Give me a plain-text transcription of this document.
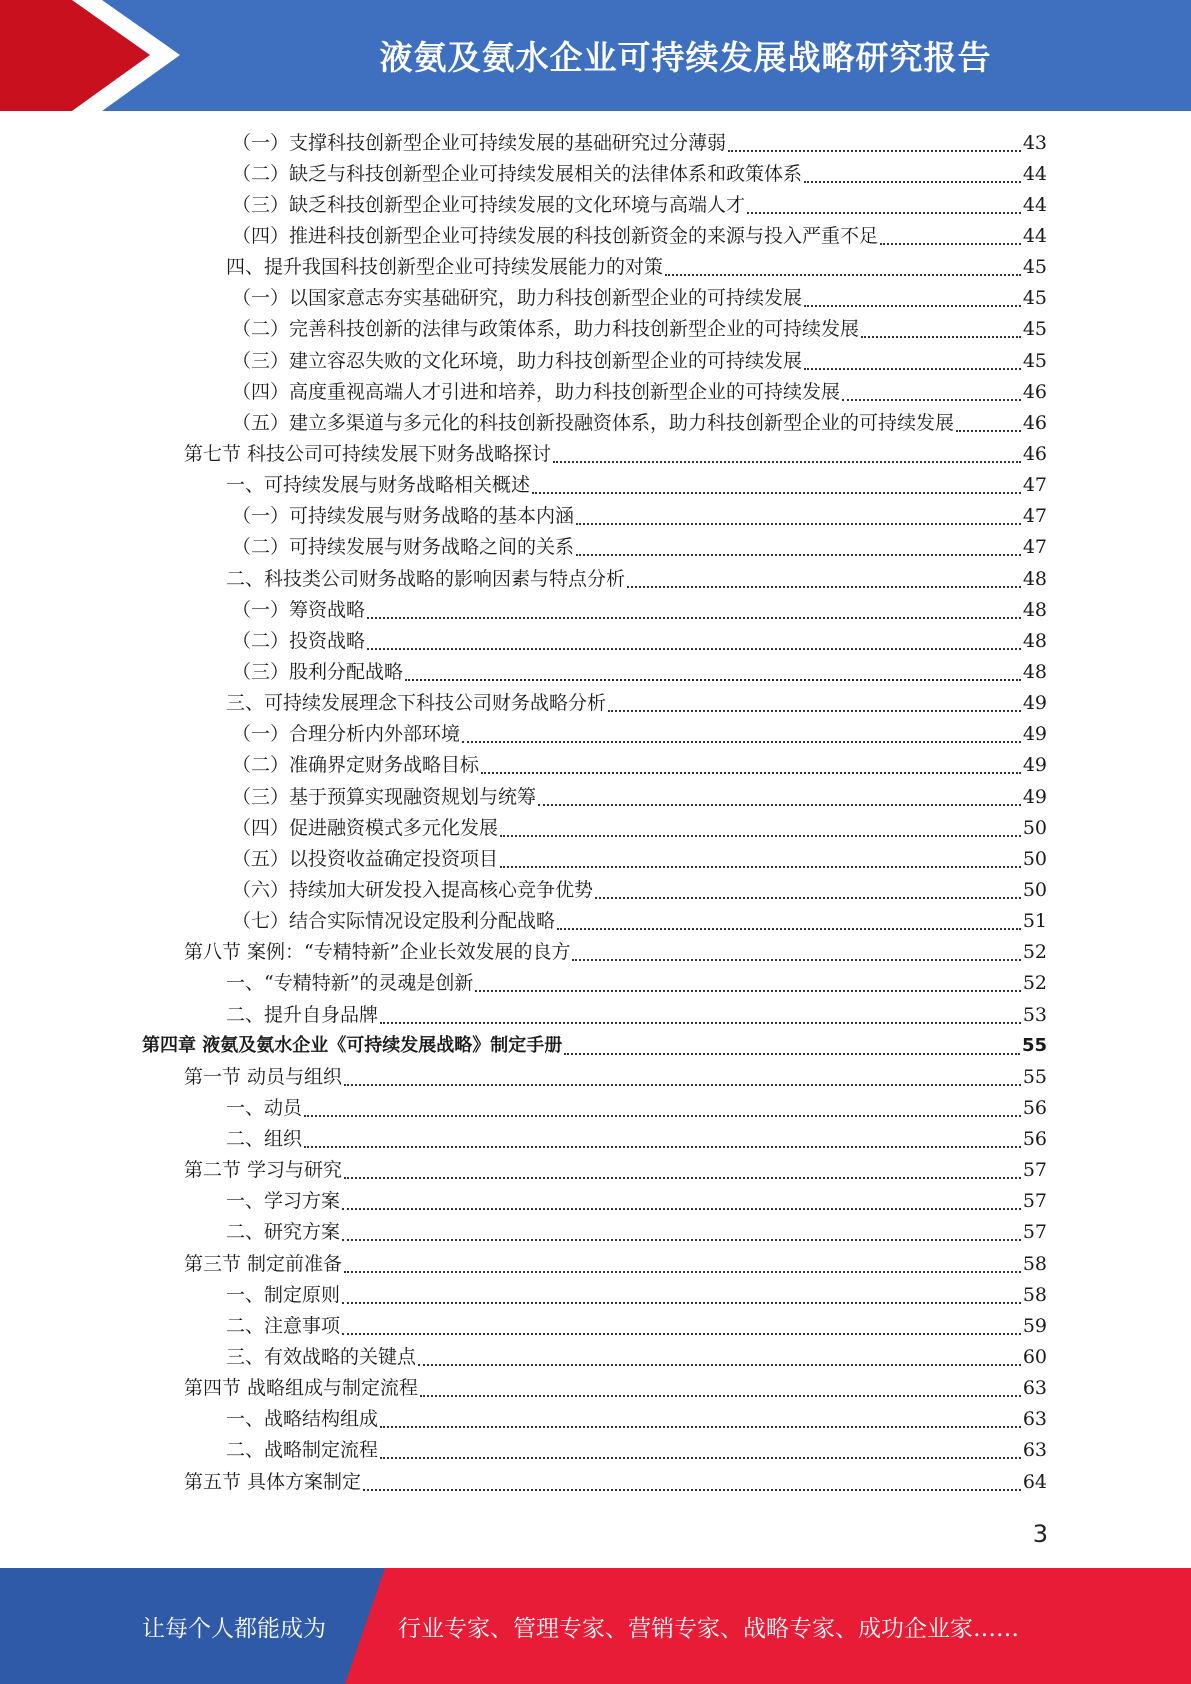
液氨及氨水企业可持续发展战略研究报告
（一）支撑科技创新型企业可持续发展的基础研究过分薄弱	43
（二）缺乏与科技创新型企业可持续发展相关的法律体系和政策体系	44
（三）缺乏科技创新型企业可持续发展的文化环境与高端人才	44
（四）推进科技创新型企业可持续发展的科技创新资金的来源与投入严重不足	44
四、提升我国科技创新型企业可持续发展能力的对策	45
（一）以国家意志夯实基础研究，助力科技创新型企业的可持续发展	45
（二）完善科技创新的法律与政策体系，助力科技创新型企业的可持续发展	45
（三）建立容忍失败的文化环境，助力科技创新型企业的可持续发展	45
（四）高度重视高端人才引进和培养，助力科技创新型企业的可持续发展	46
（五）建立多渠道与多元化的科技创新投融资体系，助力科技创新型企业的可持续发展	46
第七节 科技公司可持续发展下财务战略探讨	46
一、可持续发展与财务战略相关概述	47
（一）可持续发展与财务战略的基本内涵	47
（二）可持续发展与财务战略之间的关系	47
二、科技类公司财务战略的影响因素与特点分析	48
（一）筹资战略	48
（二）投资战略	48
（三）股利分配战略	48
三、可持续发展理念下科技公司财务战略分析	49
（一）合理分析内外部环境	49
（二）准确界定财务战略目标	49
（三）基于预算实现融资规划与统筹	49
（四）促进融资模式多元化发展	50
（五）以投资收益确定投资项目	50
（六）持续加大研发投入提高核心竞争优势	50
（七）结合实际情况设定股利分配战略	51
第八节 案例：“专精特新”企业长效发展的良方	52
一、“专精特新”的灵魂是创新	52
二、提升自身品牌	53
第四章 液氨及氨水企业《可持续发展战略》制定手册	55
第一节 动员与组织	55
一、动员	56
二、组织	56
第二节 学习与研究	57
一、学习方案	57
二、研究方案	57
第三节 制定前准备	58
一、制定原则	58
二、注意事项	59
三、有效战略的关键点	60
第四节 战略组成与制定流程	63
一、战略结构组成	63
二、战略制定流程	63
第五节 具体方案制定	64
3
让每个人都能成为	行业专家、管理专家、营销专家、战略专家、成功企业家……
